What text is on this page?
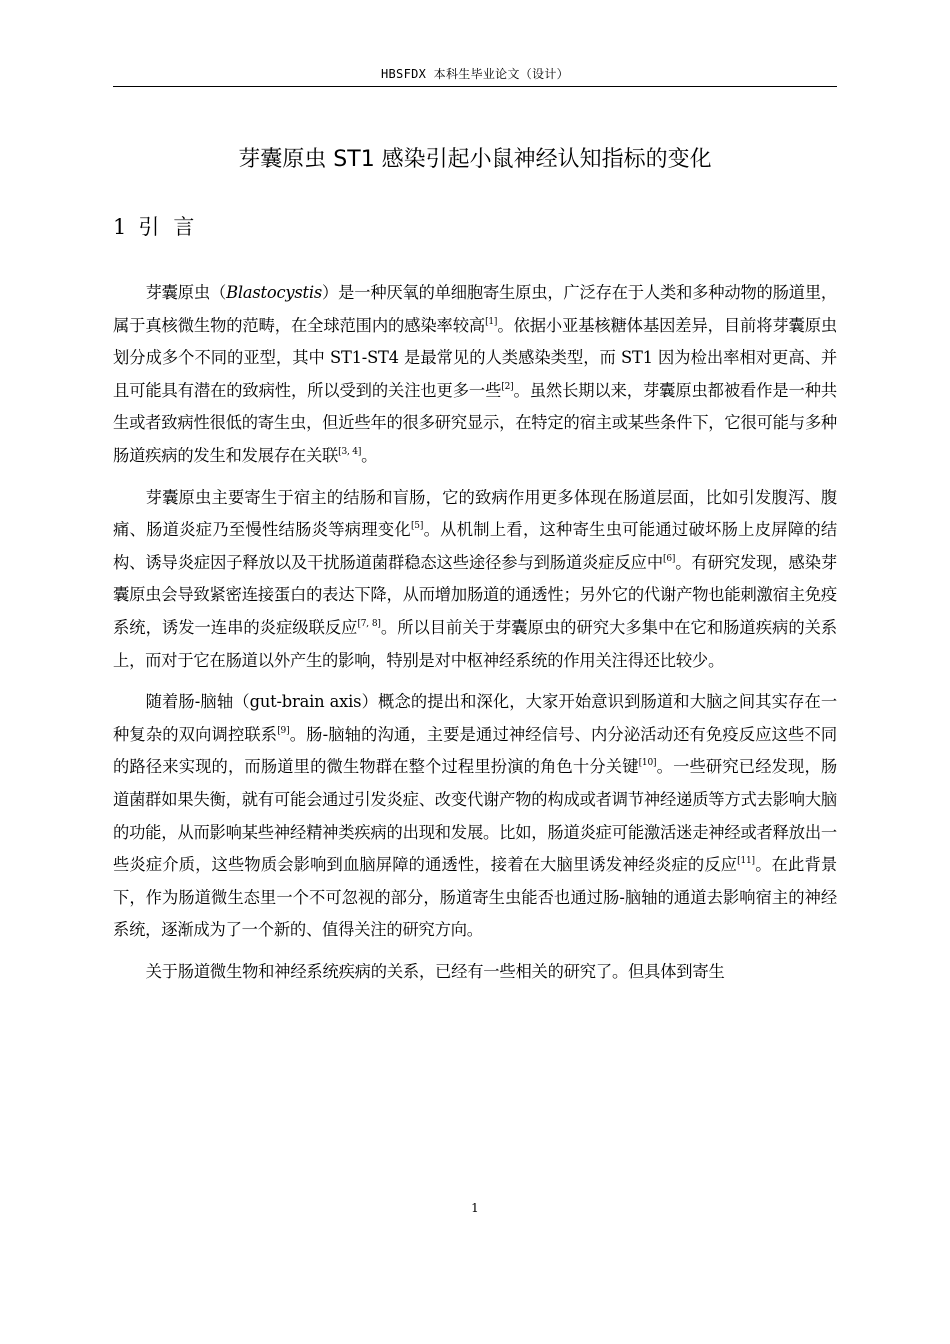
HBSFDX 本科生毕业论文（设计）
芽囊原虫 ST1 感染引起小鼠神经认知指标的变化
1 引言

芽囊原虫（Blastocystis）是一种厌氧的单细胞寄生原虫，广泛存在于人类和多种动物的肠道里，属于真核微生物的范畴，在全球范围内的感染率较高[1]。依据小亚基核糖体基因差异，目前将芽囊原虫划分成多个不同的亚型，其中 ST1-ST4 是最常见的人类感染类型，而 ST1 因为检出率相对更高、并且可能具有潜在的致病性，所以受到的关注也更多一些[2]。虽然长期以来，芽囊原虫都被看作是一种共生或者致病性很低的寄生虫，但近些年的很多研究显示，在特定的宿主或某些条件下，它很可能与多种肠道疾病的发生和发展存在关联[3, 4]。

芽囊原虫主要寄生于宿主的结肠和盲肠，它的致病作用更多体现在肠道层面，比如引发腹泻、腹痛、肠道炎症乃至慢性结肠炎等病理变化[5]。从机制上看，这种寄生虫可能通过破坏肠上皮屏障的结构、诱导炎症因子释放以及干扰肠道菌群稳态这些途径参与到肠道炎症反应中[6]。有研究发现，感染芽囊原虫会导致紧密连接蛋白的表达下降，从而增加肠道的通透性；另外它的代谢产物也能刺激宿主免疫系统，诱发一连串的炎症级联反应[7, 8]。所以目前关于芽囊原虫的研究大多集中在它和肠道疾病的关系上，而对于它在肠道以外产生的影响，特别是对中枢神经系统的作用关注得还比较少。

随着肠-脑轴（gut-brain axis）概念的提出和深化，大家开始意识到肠道和大脑之间其实存在一种复杂的双向调控联系[9]。肠-脑轴的沟通，主要是通过神经信号、内分泌活动还有免疫反应这些不同的路径来实现的，而肠道里的微生物群在整个过程里扮演的角色十分关键[10]。一些研究已经发现，肠道菌群如果失衡，就有可能会通过引发炎症、改变代谢产物的构成或者调节神经递质等方式去影响大脑的功能，从而影响某些神经精神类疾病的出现和发展。比如，肠道炎症可能激活迷走神经或者释放出一些炎症介质，这些物质会影响到血脑屏障的通透性，接着在大脑里诱发神经炎症的反应[11]。在此背景下，作为肠道微生态里一个不可忽视的部分，肠道寄生虫能否也通过肠-脑轴的通道去影响宿主的神经系统，逐渐成为了一个新的、值得关注的研究方向。

关于肠道微生物和神经系统疾病的关系，已经有一些相关的研究了。但具体到寄生

1
